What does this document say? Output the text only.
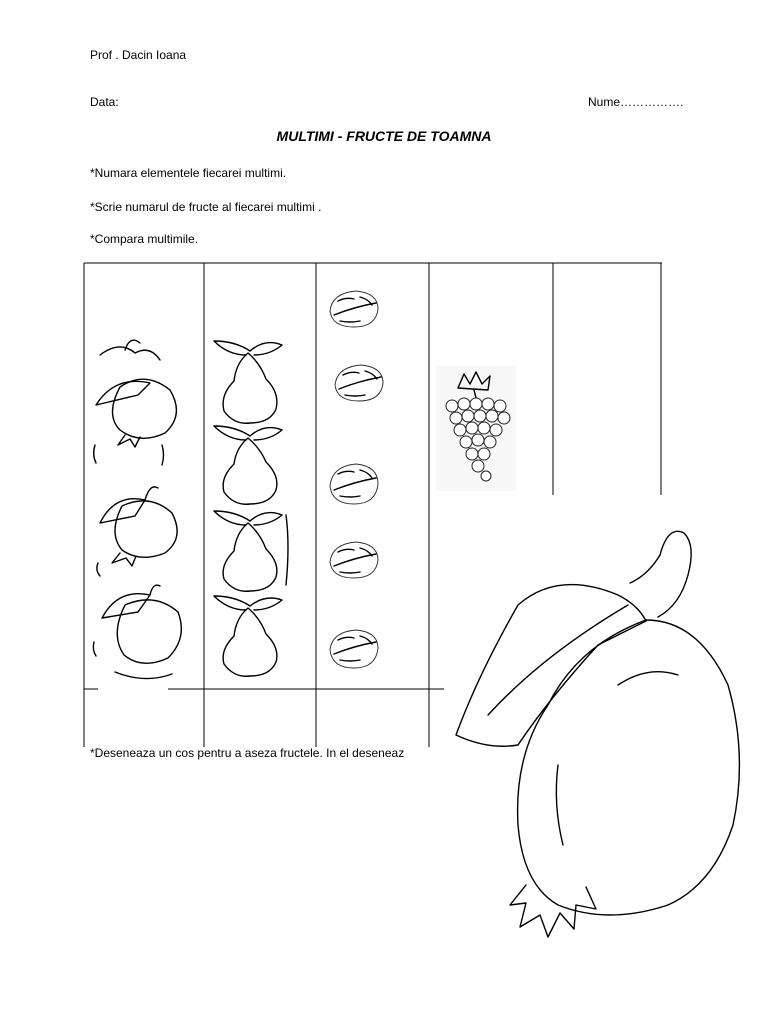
Prof . Dacin Ioana
Data:	Nume…………….
MULTIMI - FRUCTE DE TOAMNA
*Numara elementele fiecarei multimi.
*Scrie numarul de fructe al fiecarei multimi .
*Compara multimile.
*Deseneaza un cos pentru a aseza fructele. In el deseneaz
